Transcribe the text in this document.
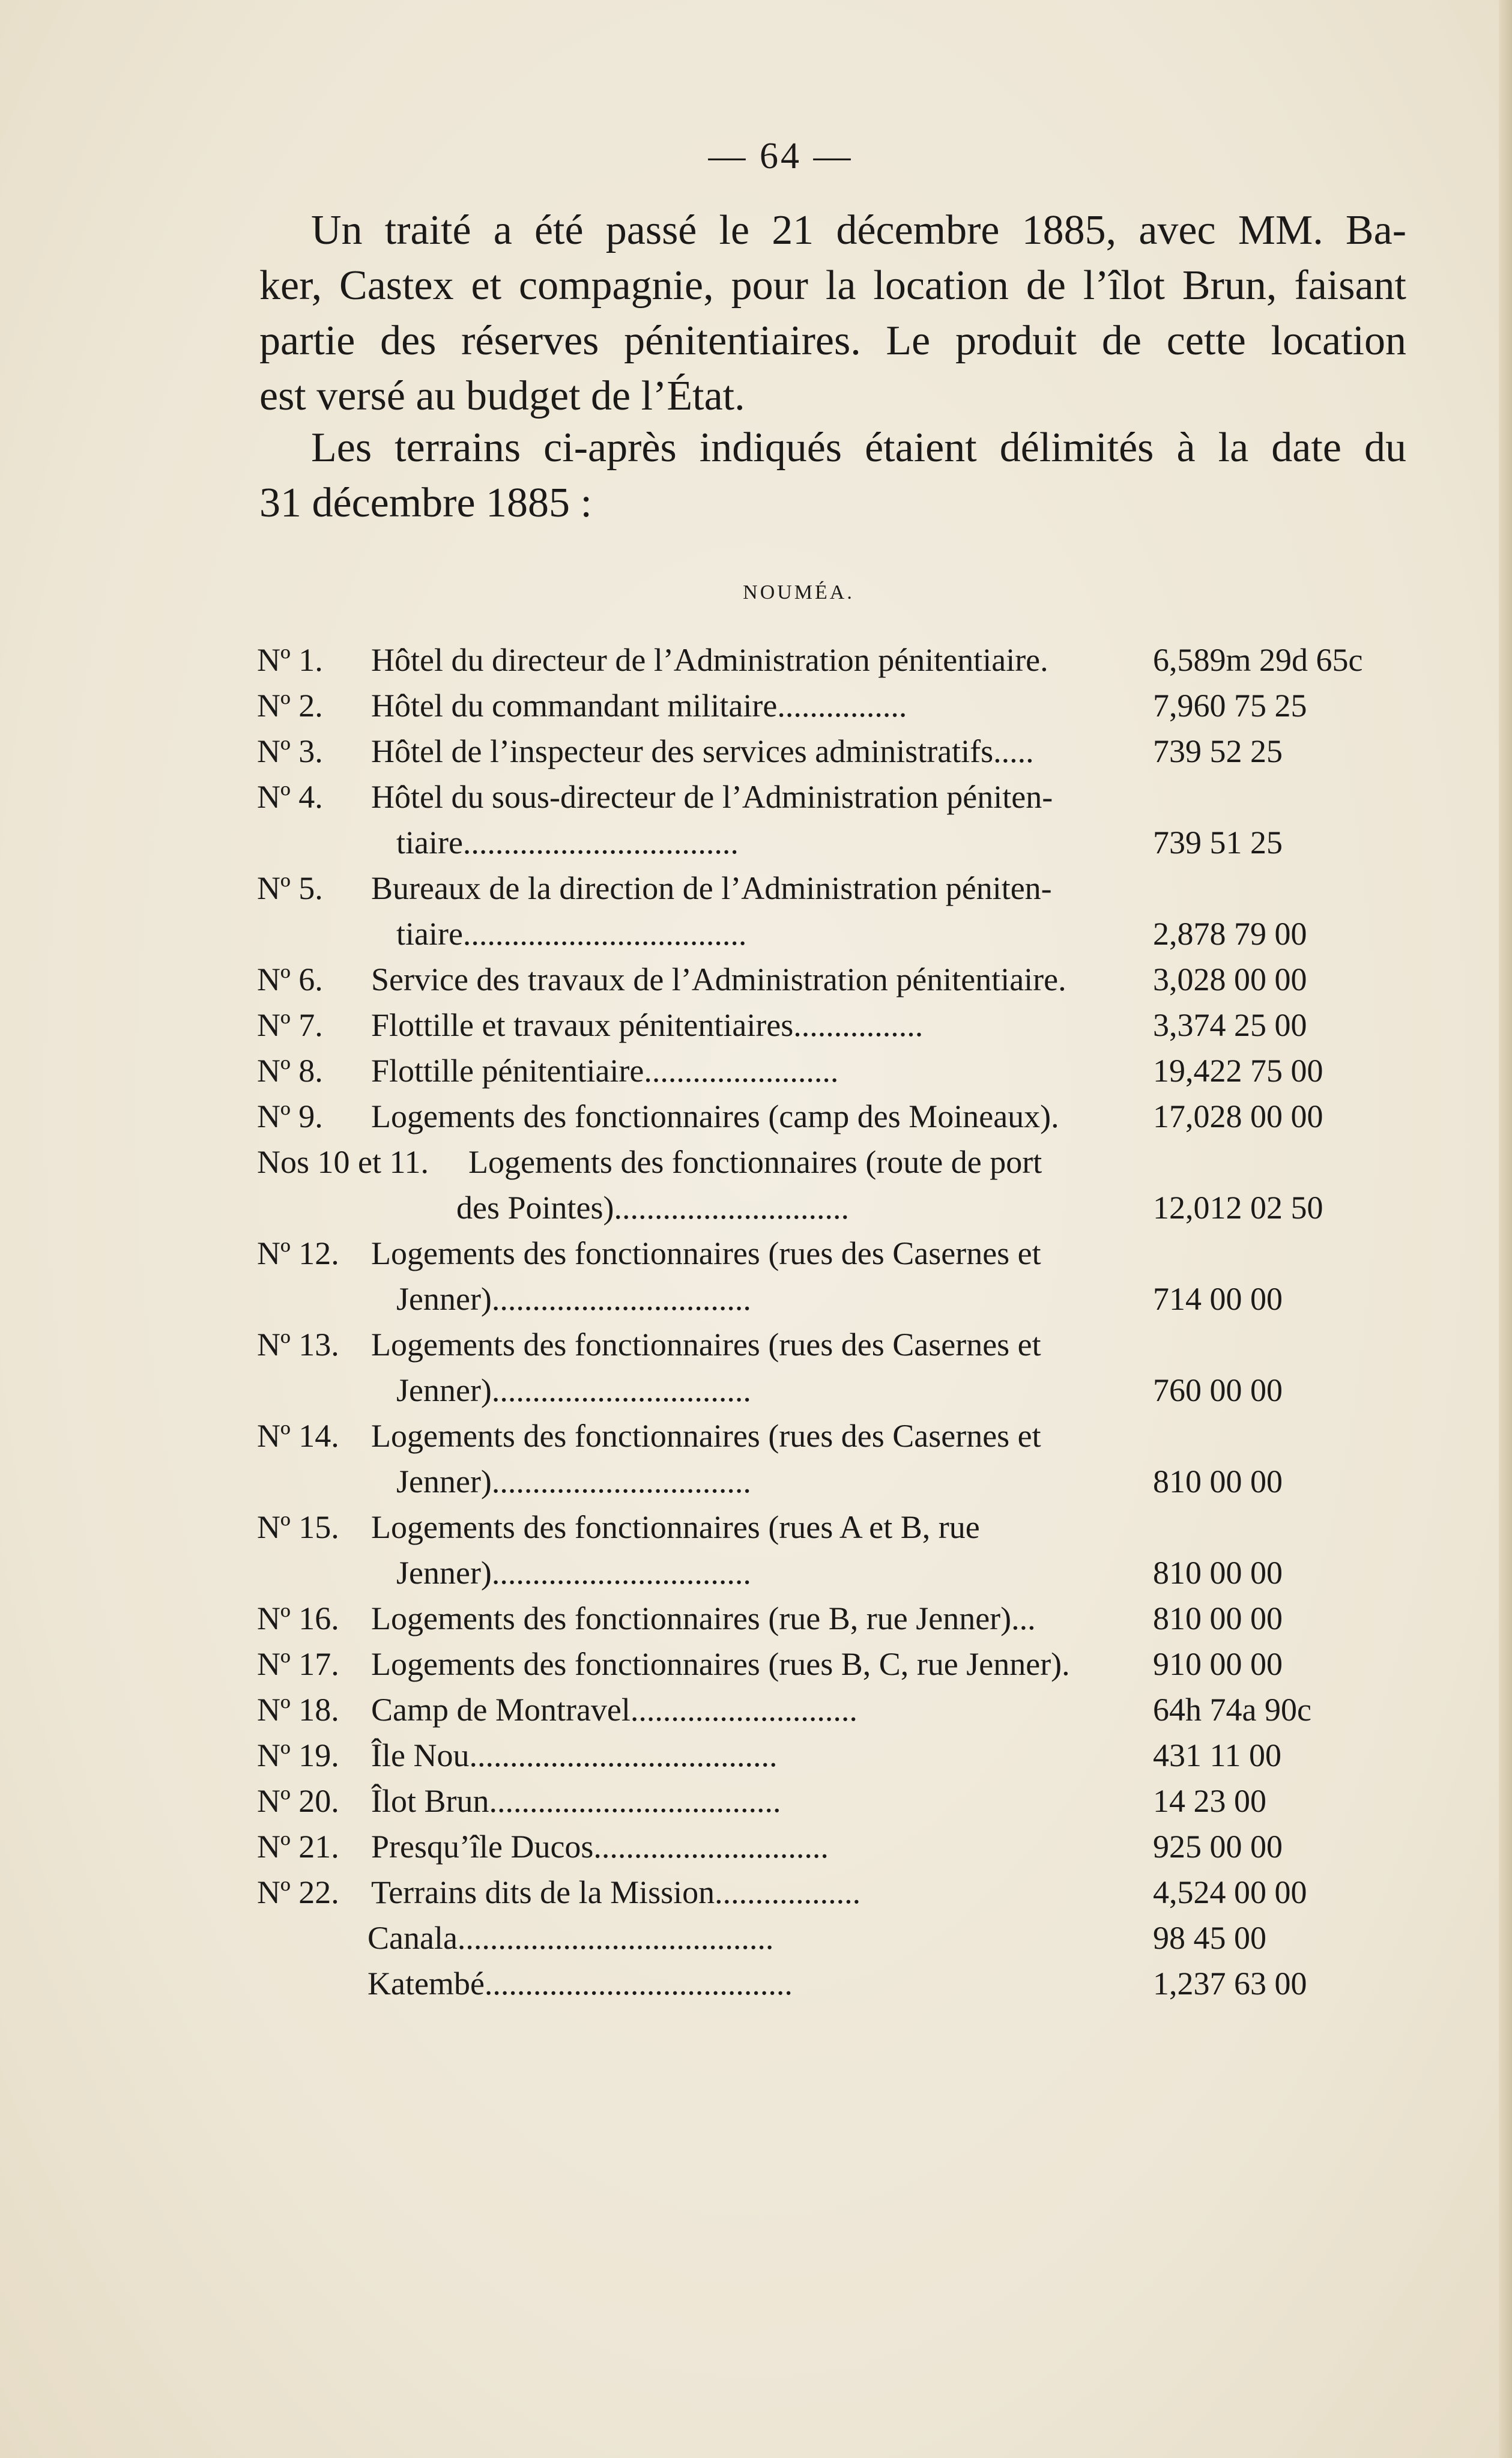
— 64 —
Un traité a été passé le 21 décembre 1885, avec MM. Ba-
ker, Castex et compagnie, pour la location de l’îlot Brun, faisant
partie des réserves pénitentiaires. Le produit de cette location
est versé au budget de l’État.
Les terrains ci-après indiqués étaient délimités à la date du
31 décembre 1885 :
NOUMÉA.
Nº 1. Hôtel du directeur de l’Administration pénitentiaire.	6,589m 29d 65c
Nº 2. Hôtel du commandant militaire................	7,960 75 25
Nº 3. Hôtel de l’inspecteur des services administratifs.....	739 52 25
Nº 4. Hôtel du sous-directeur de l’Administration péniten-
tiaire..................................	739 51 25
Nº 5. Bureaux de la direction de l’Administration péniten-
tiaire...................................	2,878 79 00
Nº 6. Service des travaux de l’Administration pénitentiaire.	3,028 00 00
Nº 7. Flottille et travaux pénitentiaires................	3,374 25 00
Nº 8. Flottille pénitentiaire........................	19,422 75 00
Nº 9. Logements des fonctionnaires (camp des Moineaux).	17,028 00 00
Nos 10 et 11. Logements des fonctionnaires (route de port
des Pointes).............................	12,012 02 50
Nº 12. Logements des fonctionnaires (rues des Casernes et
Jenner)................................	714 00 00
Nº 13. Logements des fonctionnaires (rues des Casernes et
Jenner)................................	760 00 00
Nº 14. Logements des fonctionnaires (rues des Casernes et
Jenner)................................	810 00 00
Nº 15. Logements des fonctionnaires (rues A et B, rue
Jenner)................................	810 00 00
Nº 16. Logements des fonctionnaires (rue B, rue Jenner)...	810 00 00
Nº 17. Logements des fonctionnaires (rues B, C, rue Jenner).	910 00 00
Nº 18. Camp de Montravel............................	64h 74a 90c
Nº 19. Île Nou......................................	431 11 00
Nº 20. Îlot Brun....................................	14 23 00
Nº 21. Presqu’île Ducos.............................	925 00 00
Nº 22. Terrains dits de la Mission..................	4,524 00 00
Canala.......................................	98 45 00
Katembé......................................	1,237 63 00
